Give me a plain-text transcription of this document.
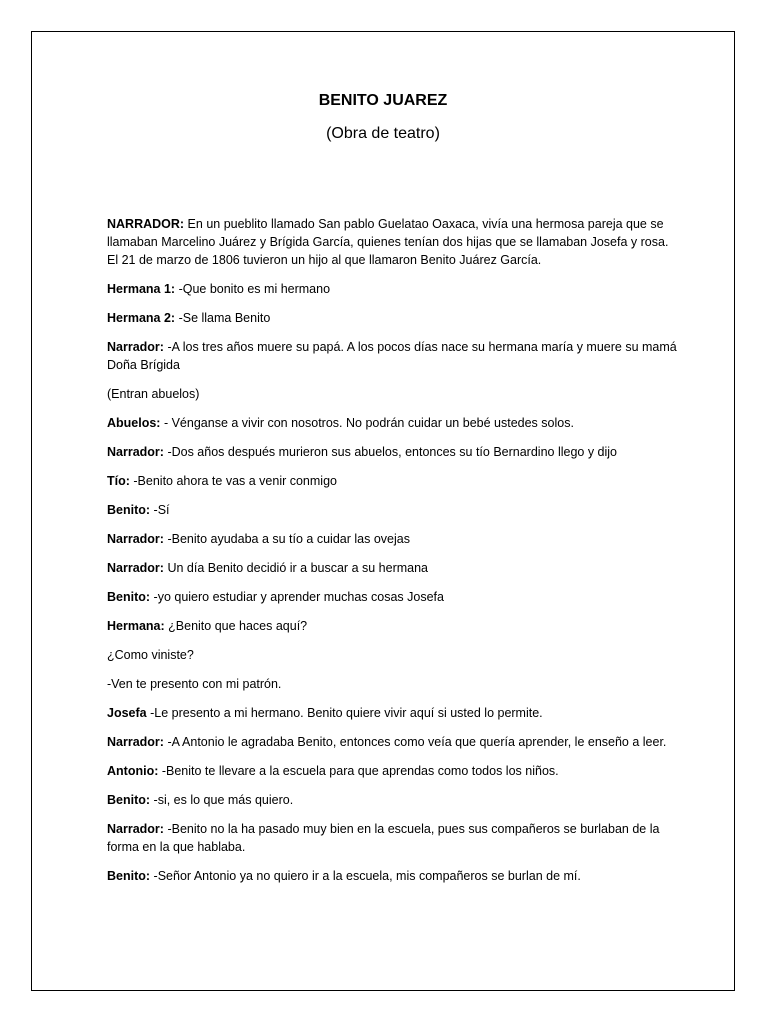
BENITO JUAREZ
(Obra de teatro)

NARRADOR: En un pueblito llamado San pablo Guelatao Oaxaca, vivía una hermosa pareja que se llamaban Marcelino Juárez y Brígida García, quienes tenían dos hijas que se llamaban Josefa y rosa. El 21 de marzo de 1806 tuvieron un hijo al que llamaron Benito Juárez García.

Hermana 1: -Que bonito es mi hermano

Hermana 2: -Se llama Benito

Narrador: -A los tres años muere su papá. A los pocos días nace su hermana maría y muere su mamá Doña Brígida

(Entran abuelos)

Abuelos: - Vénganse a vivir con nosotros. No podrán cuidar un bebé ustedes solos.

Narrador: -Dos años después murieron sus abuelos, entonces su tío Bernardino llego y dijo

Tío: -Benito ahora te vas a venir conmigo

Benito: -Sí

Narrador: -Benito ayudaba a su tío a cuidar las ovejas

Narrador: Un día Benito decidió ir a buscar a su hermana

Benito: -yo quiero estudiar y aprender muchas cosas Josefa

Hermana: ¿Benito que haces aquí?

¿Como viniste?

-Ven te presento con mi patrón.

Josefa -Le presento a mi hermano. Benito quiere vivir aquí si usted lo permite.

Narrador: -A Antonio le agradaba Benito, entonces como veía que quería aprender, le enseño a leer.

Antonio: -Benito te llevare a la escuela para que aprendas como todos los niños.

Benito: -si, es lo que más quiero.

Narrador: -Benito no la ha pasado muy bien en la escuela, pues sus compañeros se burlaban de la forma en la que hablaba.

Benito: -Señor Antonio ya no quiero ir a la escuela, mis compañeros se burlan de mí.
